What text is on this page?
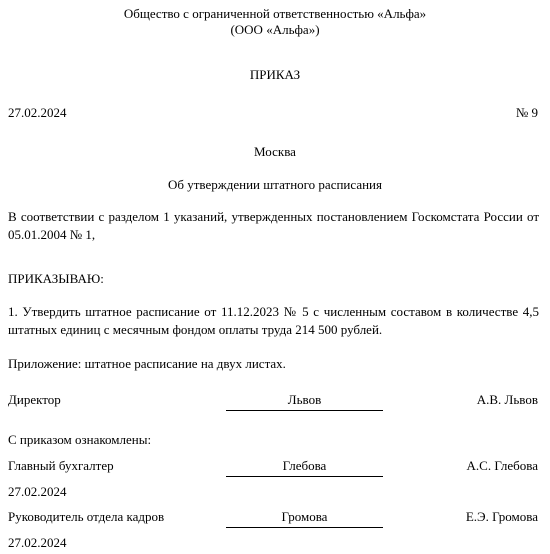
Общество с ограниченной ответственностью «Альфа»
(ООО «Альфа»)
ПРИКАЗ
27.02.2024	№ 9
Москва
Об утверждении штатного расписания
В соответствии с разделом 1 указаний, утвержденных постановлением Госкомстата России от 05.01.2004 № 1,
ПРИКАЗЫВАЮ:
1. Утвердить штатное расписание от 11.12.2023 № 5 с численным составом в количестве 4,5 штатных единиц с месячным фондом оплаты труда 214 500 рублей.
Приложение: штатное расписание на двух листах.
Директор	Львов	А.В. Львов
С приказом ознакомлены:
Главный бухгалтер	Глебова	А.С. Глебова
27.02.2024
Руководитель отдела кадров	Громова	Е.Э. Громова
27.02.2024
